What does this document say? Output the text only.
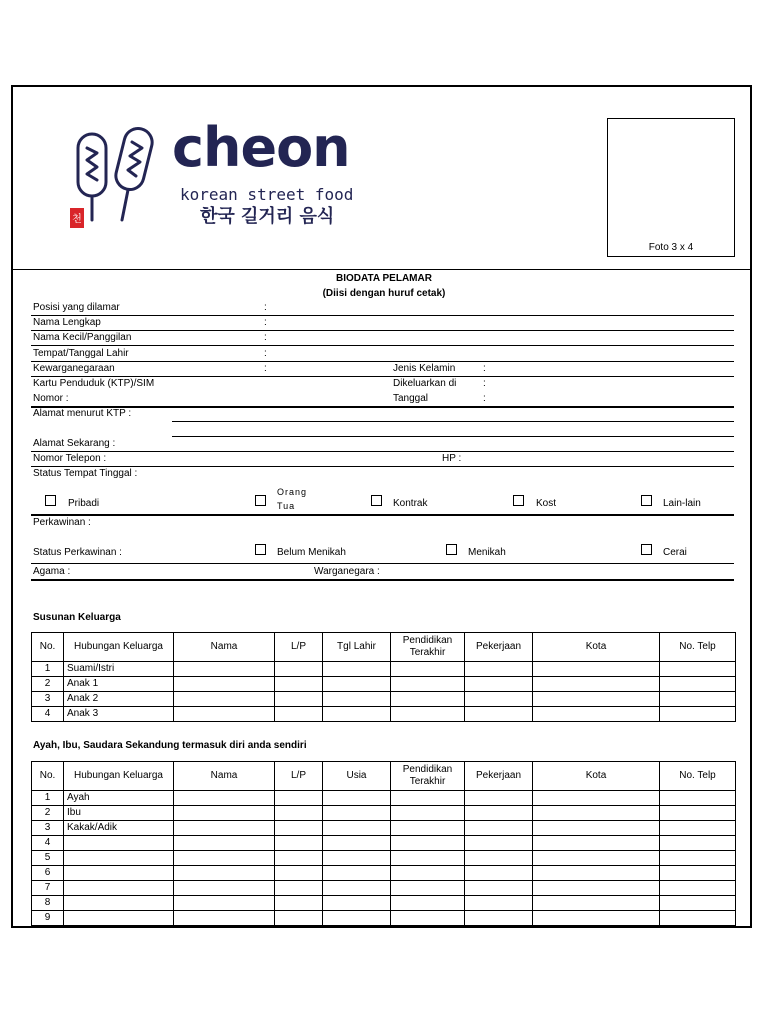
천
cheon
korean street food
한국 길거리 음식
Foto 3 x 4
BIODATA PELAMAR
(Diisi dengan huruf cetak)
Posisi yang dilamar	:
Nama Lengkap	:
Nama Kecil/Panggilan	:
Tempat/Tanggal Lahir	:
Kewarganegaraan	:	Jenis Kelamin	:
Kartu Penduduk (KTP)/SIM	Dikeluarkan di	:
Nomor :	Tanggal	:
Alamat menurut KTP :
Alamat Sekarang :
Nomor Telepon :	HP :
Status Tempat Tinggal :
Pribadi
Orang
Tua	Kontrak	Kost	Lain-lain
Perkawinan :
Status Perkawinan :	Belum Menikah	Menikah	Cerai
Agama :	Warganegara :
Susunan Keluarga
No.	Hubungan Keluarga	Nama	L/P	Tgl Lahir	Pendidikan Terakhir	Pekerjaan	Kota	No. Telp
1	Suami/Istri							
2	Anak 1							
3	Anak 2							
4	Anak 3							
Ayah, Ibu, Saudara Sekandung termasuk diri anda sendiri
No.	Hubungan Keluarga	Nama	L/P	Usia	Pendidikan Terakhir	Pekerjaan	Kota	No. Telp
1	Ayah							
2	Ibu							
3	Kakak/Adik							
4								
5								
6								
7								
8								
9								
